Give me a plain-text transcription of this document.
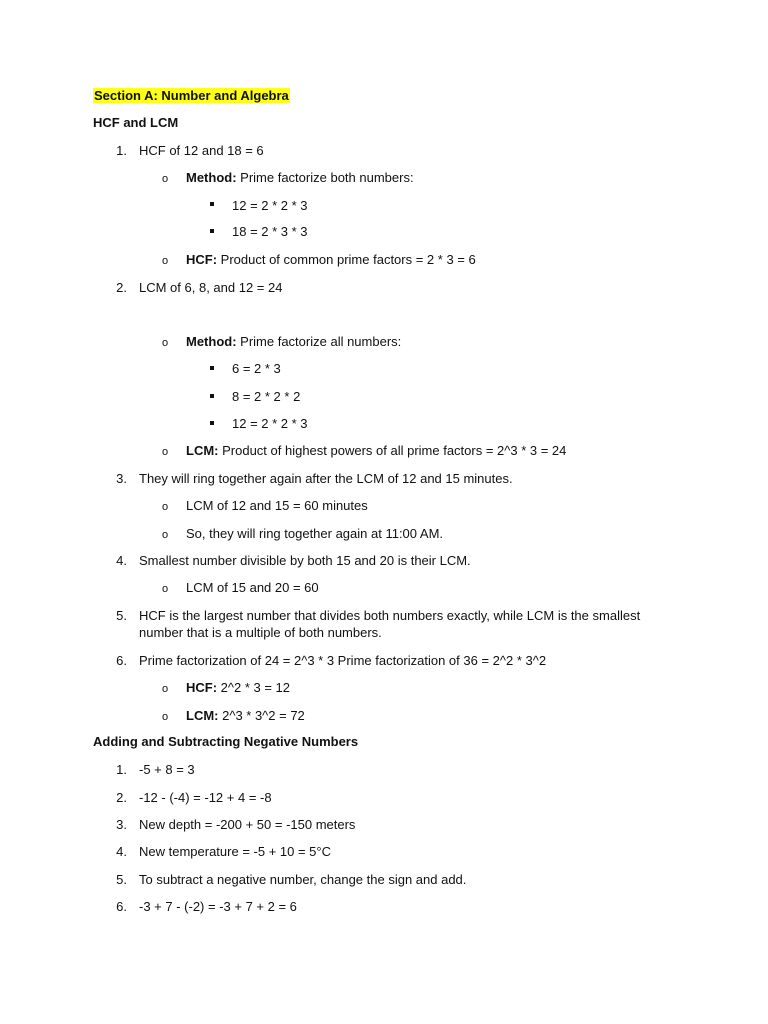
Section A: Number and Algebra
HCF and LCM
1. HCF of 12 and 18 = 6
o Method: Prime factorize both numbers:
12 = 2 * 2 * 3
18 = 2 * 3 * 3
o HCF: Product of common prime factors = 2 * 3 = 6
2. LCM of 6, 8, and 12 = 24
o Method: Prime factorize all numbers:
6 = 2 * 3
8 = 2 * 2 * 2
12 = 2 * 2 * 3
o LCM: Product of highest powers of all prime factors = 2^3 * 3 = 24
3. They will ring together again after the LCM of 12 and 15 minutes.
o LCM of 12 and 15 = 60 minutes
o So, they will ring together again at 11:00 AM.
4. Smallest number divisible by both 15 and 20 is their LCM.
o LCM of 15 and 20 = 60
5. HCF is the largest number that divides both numbers exactly, while LCM is the smallest number that is a multiple of both numbers.
6. Prime factorization of 24 = 2^3 * 3 Prime factorization of 36 = 2^2 * 3^2
o HCF: 2^2 * 3 = 12
o LCM: 2^3 * 3^2 = 72
Adding and Subtracting Negative Numbers
1. -5 + 8 = 3
2. -12 - (-4) = -12 + 4 = -8
3. New depth = -200 + 50 = -150 meters
4. New temperature = -5 + 10 = 5°C
5. To subtract a negative number, change the sign and add.
6. -3 + 7 - (-2) = -3 + 7 + 2 = 6
